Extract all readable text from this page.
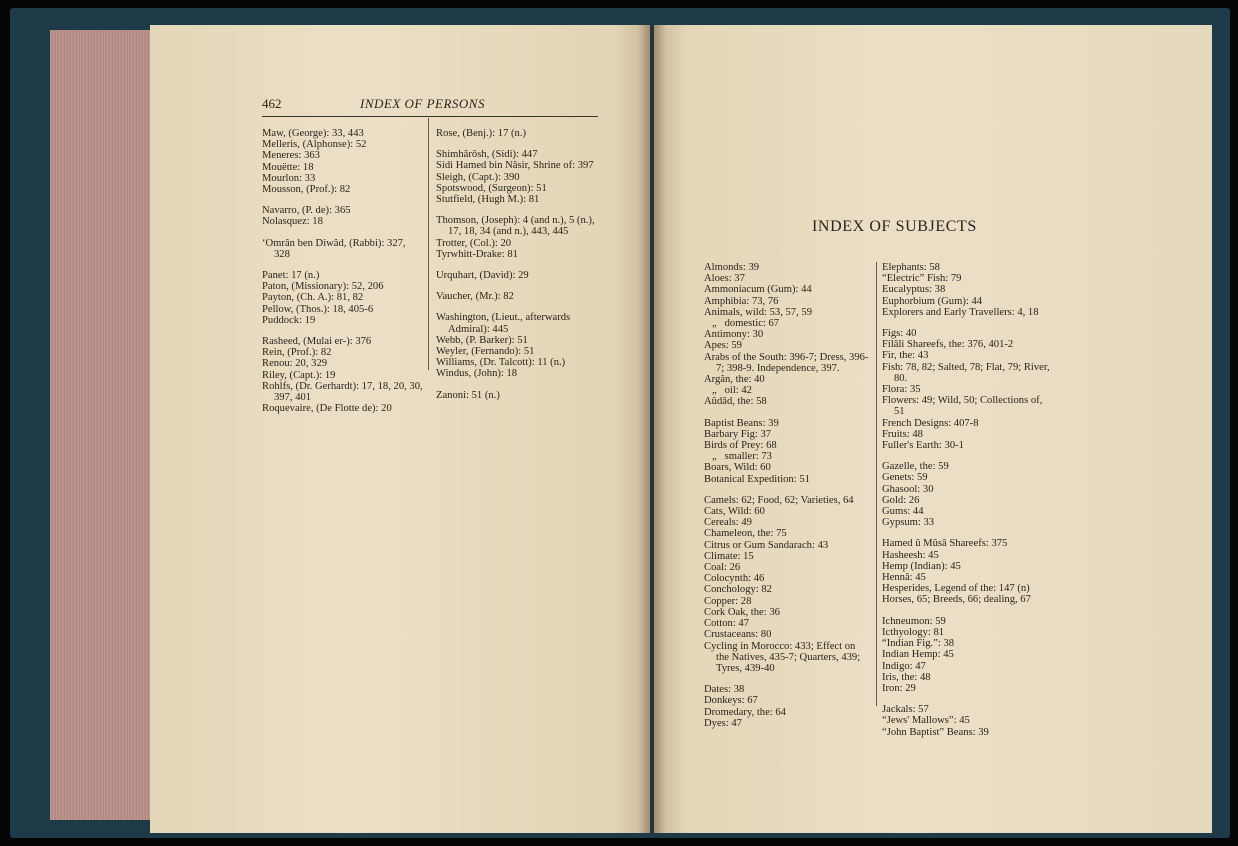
462	INDEX OF PERSONS
Maw, (George): 33, 443
Melleris, (Alphonse): 52
Meneres: 363
Mouëtte: 18
Mourlon: 33
Mousson, (Prof.): 82
Navarro, (P. de): 365
Nolasquez: 18
‘Omrân ben Diwâd, (Rabbi): 327, 328
Panet: 17 (n.)
Paton, (Missionary): 52, 206
Payton, (Ch. A.): 81, 82
Pellow, (Thos.): 18, 405-6
Puddock: 19
Rasheed, (Mulai er-): 376
Rein, (Prof.): 82
Renou: 20, 329
Riley, (Capt.): 19
Rohlfs, (Dr. Gerhardt): 17, 18, 20, 30, 397, 401
Roquevaire, (De Flotte de): 20
Rose, (Benj.): 17 (n.)
Shimhârôsh, (Sidi): 447
Sidi Hamed bin Nâsir, Shrine of: 397
Sleigh, (Capt.): 390
Spotswood, (Surgeon): 51
Stutfield, (Hugh M.): 81
Thomson, (Joseph): 4 (and n.), 5 (n.), 17, 18, 34 (and n.), 443, 445
Trotter, (Col.): 20
Tyrwhitt-Drake: 81
Urquhart, (David): 29
Vaucher, (Mr.): 82
Washington, (Lieut., afterwards Admiral): 445
Webb, (P. Barker): 51
Weyler, (Fernando): 51
Williams, (Dr. Talcott): 11 (n.)
Windus, (John): 18
Zanoni: 51 (n.)
INDEX OF SUBJECTS
Almonds: 39
Aloes: 37
Ammoniacum (Gum): 44
Amphibia: 73, 76
Animals, wild: 53, 57, 59
„   domestic: 67
Antimony: 30
Apes: 59
Arabs of the South: 396-7; Dress, 396-7; 398-9. Independence, 397.
Argân, the: 40
„   oil: 42
Aûdâd, the: 58
Baptist Beans: 39
Barbary Fig: 37
Birds of Prey: 68
„   smaller: 73
Boars, Wild: 60
Botanical Expedition: 51
Camels: 62; Food, 62; Varieties, 64
Cats, Wild: 60
Cereals: 49
Chameleon, the: 75
Citrus or Gum Sandarach: 43
Climate: 15
Coal: 26
Colocynth: 46
Conchology: 82
Copper: 28
Cork Oak, the: 36
Cotton: 47
Crustaceans: 80
Cycling in Morocco: 433; Effect on the Natives, 435-7; Quarters, 439; Tyres, 439-40
Dates: 38
Donkeys: 67
Dromedary, the: 64
Dyes: 47
Elephants: 58
“Electric” Fish: 79
Eucalyptus: 38
Euphorbium (Gum): 44
Explorers and Early Travellers: 4, 18
Figs: 40
Filâli Shareefs, the: 376, 401-2
Fir, the: 43
Fish: 78, 82; Salted, 78; Flat, 79; River, 80.
Flora: 35
Flowers: 49; Wild, 50; Collections of, 51
French Designs: 407-8
Fruits: 48
Fuller's Earth: 30-1
Gazelle, the: 59
Genets: 59
Ghasool: 30
Gold: 26
Gums: 44
Gypsum: 33
Hamed û Mûsâ Shareefs: 375
Hasheesh: 45
Hemp (Indian): 45
Hennâ: 45
Hesperides, Legend of the: 147 (n)
Horses, 65; Breeds, 66; dealing, 67
Ichneumon: 59
Icthyology: 81
“Indian Fig.”: 38
Indian Hemp: 45
Indigo: 47
Iris, the: 48
Iron: 29
Jackals: 57
“Jews' Mallows”: 45
“John Baptist” Beans: 39
